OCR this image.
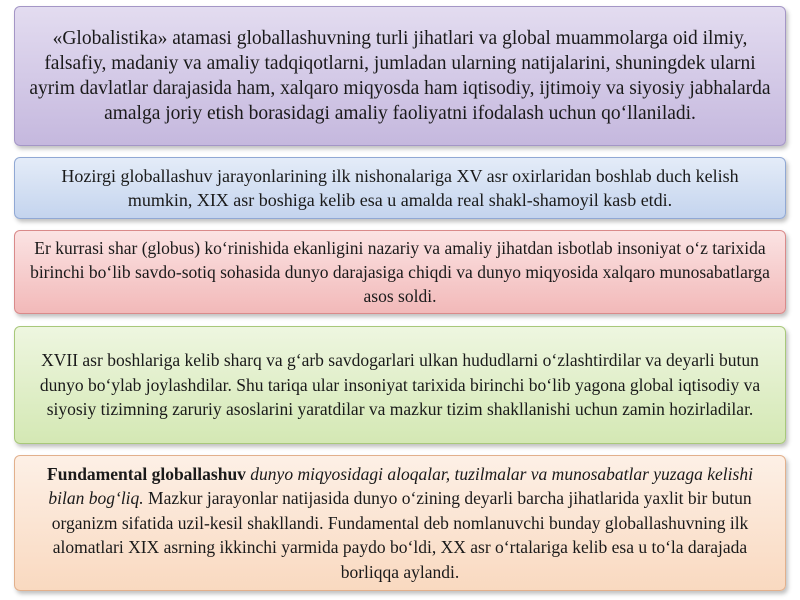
«Globalistika» atamasi globallashuvning turli jihatlari va global muammolarga oid ilmiy, falsafiy, madaniy va amaliy tadqiqotlarni, jumladan ularning natijalarini, shuningdek ularni ayrim davlatlar darajasida ham, xalqaro miqyosda ham iqtisodiy, ijtimoiy va siyosiy jabhalarda amalga joriy etish borasidagi amaliy faoliyatni ifodalash uchun qo‘llaniladi.

Hozirgi globallashuv jarayonlarining ilk nishonalariga XV asr oxirlaridan boshlab duch kelish mumkin, XIX asr boshiga kelib esa u amalda real shakl-shamoyil kasb etdi.

Er kurrasi shar (globus) ko‘rinishida ekanligini nazariy va amaliy jihatdan isbotlab insoniyat o‘z tarixida birinchi bo‘lib savdo-sotiq sohasida dunyo darajasiga chiqdi va dunyo miqyosida xalqaro munosabatlarga asos soldi.

XVII asr boshlariga kelib sharq va g‘arb savdogarlari ulkan hududlarni o‘zlashtirdilar va deyarli butun dunyo bo‘ylab joylashdilar. Shu tariqa ular insoniyat tarixida birinchi bo‘lib yagona global iqtisodiy va siyosiy tizimning zaruriy asoslarini yaratdilar va mazkur tizim shakllanishi uchun zamin hozirladilar.

Fundamental globallashuv dunyo miqyosidagi aloqalar, tuzilmalar va munosabatlar yuzaga kelishi bilan bog‘liq. Mazkur jarayonlar natijasida dunyo o‘zining deyarli barcha jihatlarida yaxlit bir butun organizm sifatida uzil-kesil shakllandi. Fundamental deb nomlanuvchi bunday globallashuvning ilk alomatlari XIX asrning ikkinchi yarmida paydo bo‘ldi, XX asr o‘rtalariga kelib esa u to‘la darajada borliqqa aylandi.
